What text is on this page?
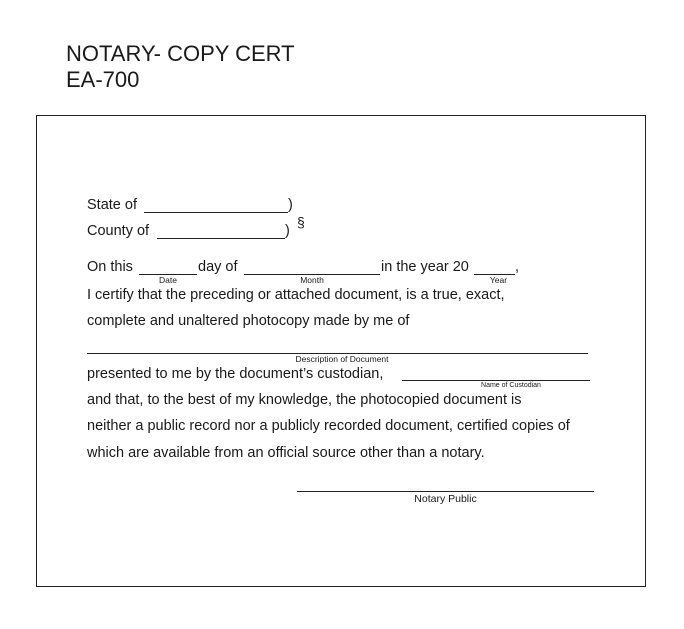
NOTARY- COPY CERT
EA-700
State of	)
County of	)
§
On this	day of	in the year 20	,
Date	Month	Year
I certify that the preceding or attached document, is a true, exact,
complete and unaltered photocopy made by me of
Description of Document
presented to me by the document’s custodian,
Name of Custodian
and that, to the best of my knowledge, the photocopied document is
neither a public record nor a publicly recorded document, certified copies of
which are available from an official source other than a notary.
Notary Public
